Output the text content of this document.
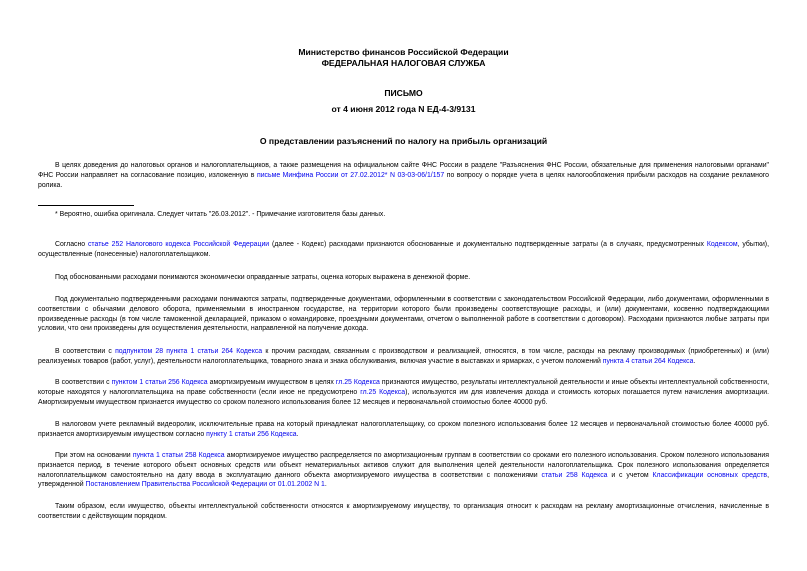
Министерство финансов Российской Федерации
ФЕДЕРАЛЬНАЯ НАЛОГОВАЯ СЛУЖБА
ПИСЬМО
от 4 июня 2012 года N ЕД-4-3/9131
О представлении разъяснений по налогу на прибыль организаций
В целях доведения до налоговых органов и налогоплательщиков, а также размещения на официальном сайте ФНС России в разделе "Разъяснения ФНС России, обязательные для применения налоговыми органами" ФНС России направляет на согласование позицию, изложенную в письме Минфина России от 27.02.2012* N 03-03-06/1/157 по вопросу о порядке учета в целях налогообложения прибыли расходов на создание рекламного ролика.
* Вероятно, ошибка оригинала. Следует читать "26.03.2012". - Примечание изготовителя базы данных.
Согласно статье 252 Налогового кодекса Российской Федерации (далее - Кодекс) расходами признаются обоснованные и документально подтвержденные затраты (а в случаях, предусмотренных Кодексом, убытки), осуществленные (понесенные) налогоплательщиком.
Под обоснованными расходами понимаются экономически оправданные затраты, оценка которых выражена в денежной форме.
Под документально подтвержденными расходами понимаются затраты, подтвержденные документами, оформленными в соответствии с законодательством Российской Федерации, либо документами, оформленными в соответствии с обычаями делового оборота, применяемыми в иностранном государстве, на территории которого были произведены соответствующие расходы, и (или) документами, косвенно подтверждающими произведенные расходы (в том числе таможенной декларацией, приказом о командировке, проездными документами, отчетом о выполненной работе в соответствии с договором). Расходами признаются любые затраты при условии, что они произведены для осуществления деятельности, направленной на получение дохода.
В соответствии с подпунктом 28 пункта 1 статьи 264 Кодекса к прочим расходам, связанным с производством и реализацией, относятся, в том числе, расходы на рекламу производимых (приобретенных) и (или) реализуемых товаров (работ, услуг), деятельности налогоплательщика, товарного знака и знака обслуживания, включая участие в выставках и ярмарках, с учетом положений пункта 4 статьи 264 Кодекса.
В соответствии с пунктом 1 статьи 256 Кодекса амортизируемым имуществом в целях гл.25 Кодекса признаются имущество, результаты интеллектуальной деятельности и иные объекты интеллектуальной собственности, которые находятся у налогоплательщика на праве собственности (если иное не предусмотрено гл.25 Кодекса), используются им для извлечения дохода и стоимость которых погашается путем начисления амортизации. Амортизируемым имуществом признается имущество со сроком полезного использования более 12 месяцев и первоначальной стоимостью более 40000 руб.
В налоговом учете рекламный видеоролик, исключительные права на который принадлежат налогоплательщику, со сроком полезного использования более 12 месяцев и первоначальной стоимостью более 40000 руб. признается амортизируемым имуществом согласно пункту 1 статьи 256 Кодекса.
При этом на основании пункта 1 статьи 258 Кодекса амортизируемое имущество распределяется по амортизационным группам в соответствии со сроками его полезного использования. Сроком полезного использования признается период, в течение которого объект основных средств или объект нематериальных активов служит для выполнения целей деятельности налогоплательщика. Срок полезного использования определяется налогоплательщиком самостоятельно на дату ввода в эксплуатацию данного объекта амортизируемого имущества в соответствии с положениями статьи 258 Кодекса и с учетом Классификации основных средств, утвержденной Постановлением Правительства Российской Федерации от 01.01.2002 N 1.
Таким образом, если имущество, объекты интеллектуальной собственности относятся к амортизируемому имуществу, то организация относит к расходам на рекламу амортизационные отчисления, начисленные в соответствии с действующим порядком.
